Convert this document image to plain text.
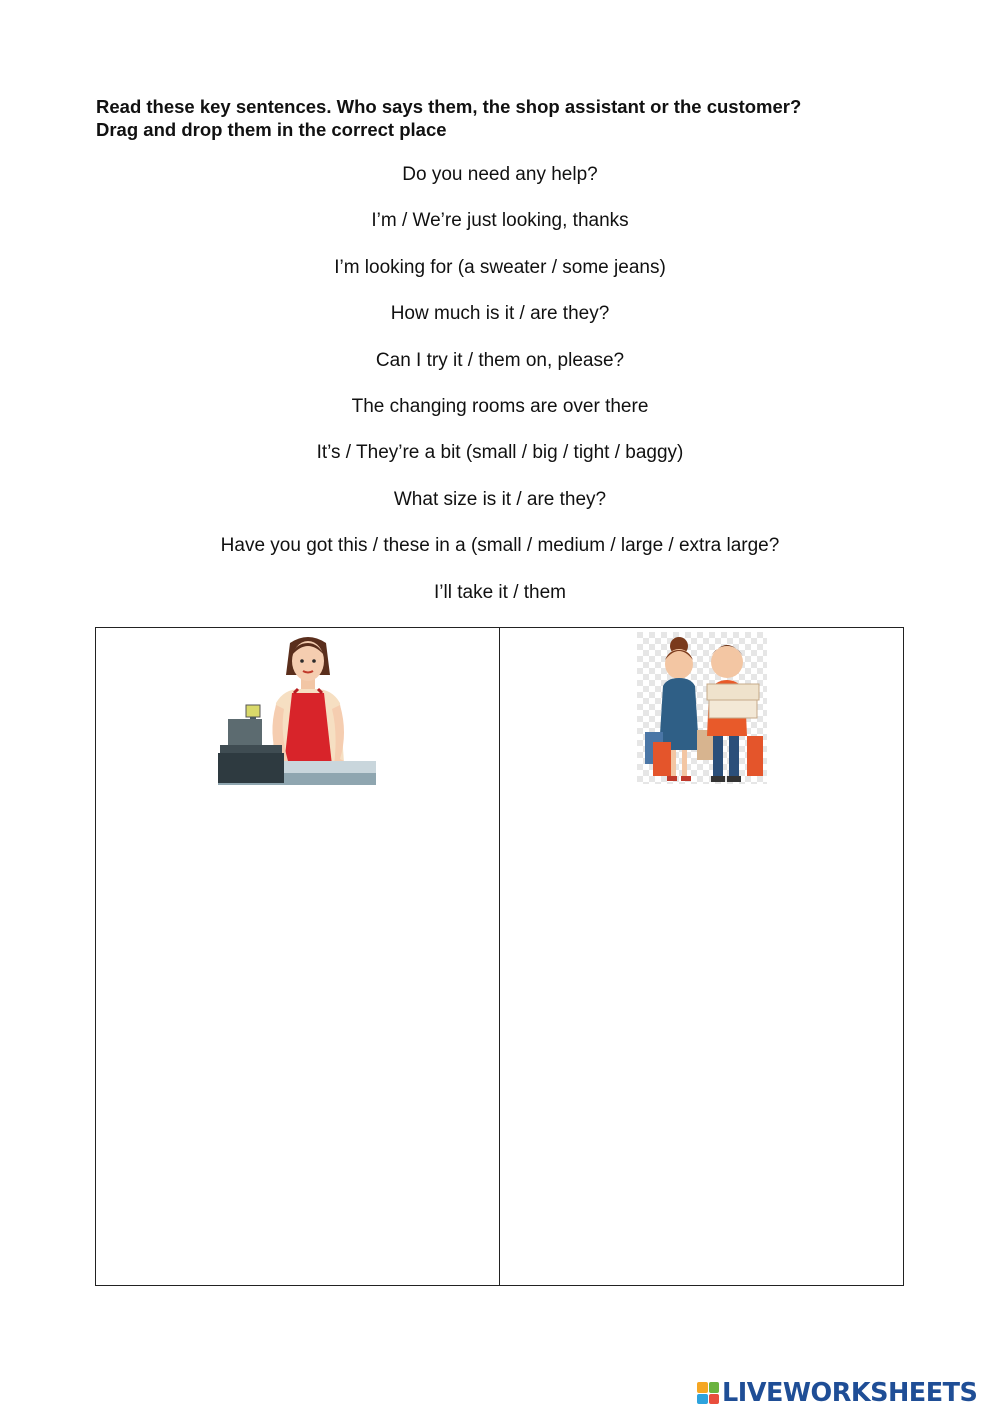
Read these key sentences. Who says them, the shop assistant or the customer?
Drag and drop them in the correct place
Do you need any help?
I’m / We’re just looking, thanks
I’m looking for (a sweater / some jeans)
How much is it / are they?
Can I try it / them on, please?
The changing rooms are over there
It’s / They’re a bit (small / big / tight / baggy)
What size is it / are they?
Have you got this / these in a (small / medium / large / extra large?
I’ll take it / them
LIVEWORKSHEETS
